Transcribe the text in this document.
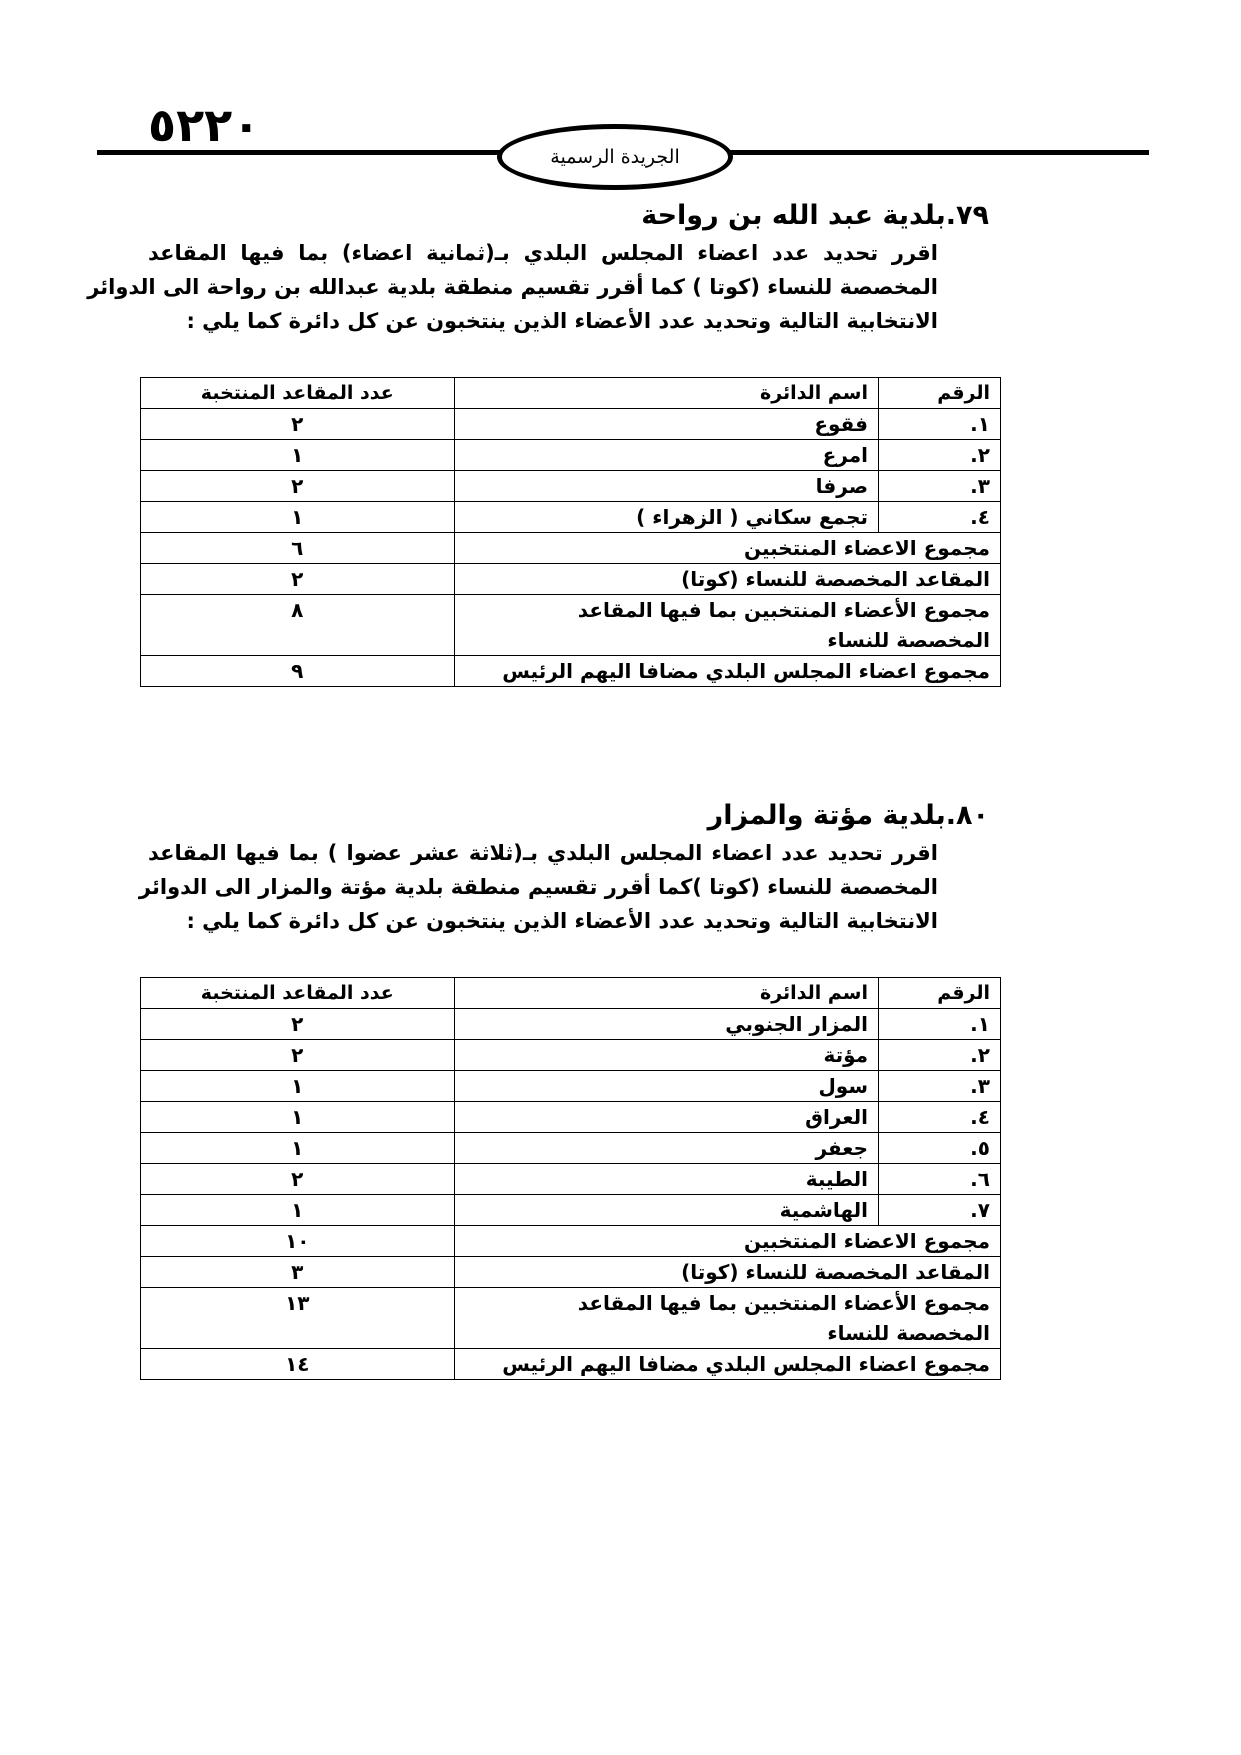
٥٢٢٠
الجريدة الرسمية
٧٩.بلدية عبد الله بن رواحة
اقرر تحديد عدد اعضاء المجلس البلدي بـ(ثمانية اعضاء) بما فيها المقاعد
المخصصة للنساء (كوتا ) كما أقرر تقسيم منطقة بلدية عبدالله بن رواحة الى الدوائر
الانتخابية التالية وتحديد عدد الأعضاء الذين ينتخبون عن كل دائرة كما يلي :
الرقم	اسم الدائرة	عدد المقاعد المنتخبة
١.	فقوع	٢
٢.	امرع	١
٣.	صرفا	٢
٤.	تجمع سكاني ( الزهراء )	١
مجموع الاعضاء المنتخبين		٦
المقاعد المخصصة للنساء (كوتا)		٢

مجموع الأعضاء المنتخبين بما فيها المقاعد المخصصة للنساء		٨
مجموع اعضاء المجلس البلدي مضافا اليهم الرئيس		٩
٨٠.بلدية مؤتة والمزار
اقرر تحديد عدد اعضاء المجلس البلدي بـ(ثلاثة عشر عضوا ) بما فيها المقاعد
المخصصة للنساء (كوتا )كما أقرر تقسيم منطقة بلدية مؤتة والمزار الى الدوائر
الانتخابية التالية وتحديد عدد الأعضاء الذين ينتخبون عن كل دائرة كما يلي :
الرقم	اسم الدائرة	عدد المقاعد المنتخبة
١.	المزار الجنوبي	٢
٢.	مؤتة	٢
٣.	سول	١
٤.	العراق	١
٥.	جعفر	١
٦.	الطيبة	٢
٧.	الهاشمية	١
مجموع الاعضاء المنتخبين		١٠
المقاعد المخصصة للنساء (كوتا)		٣

مجموع الأعضاء المنتخبين بما فيها المقاعد المخصصة للنساء		١٣
مجموع اعضاء المجلس البلدي مضافا اليهم الرئيس		١٤
